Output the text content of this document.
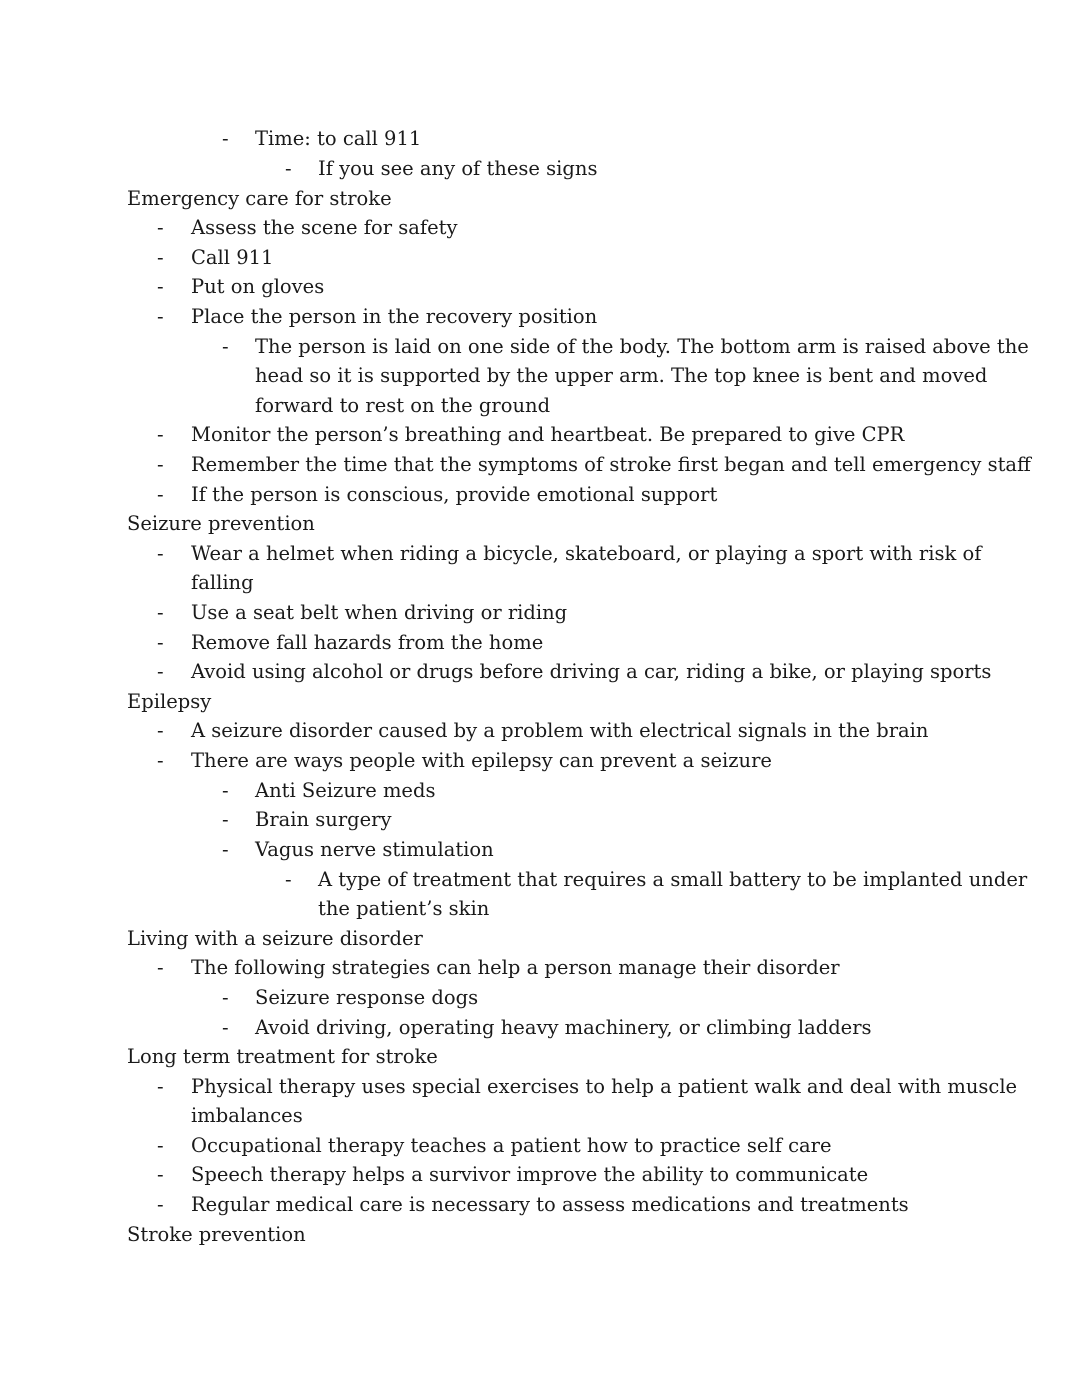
- Time: to call 911
- If you see any of these signs
Emergency care for stroke
- Assess the scene for safety
- Call 911
- Put on gloves
- Place the person in the recovery position
- The person is laid on one side of the body. The bottom arm is raised above the
head so it is supported by the upper arm. The top knee is bent and moved
forward to rest on the ground
- Monitor the person’s breathing and heartbeat. Be prepared to give CPR
- Remember the time that the symptoms of stroke first began and tell emergency staff
- If the person is conscious, provide emotional support
Seizure prevention
- Wear a helmet when riding a bicycle, skateboard, or playing a sport with risk of
falling
- Use a seat belt when driving or riding
- Remove fall hazards from the home
- Avoid using alcohol or drugs before driving a car, riding a bike, or playing sports
Epilepsy
- A seizure disorder caused by a problem with electrical signals in the brain
- There are ways people with epilepsy can prevent a seizure
- Anti Seizure meds
- Brain surgery
- Vagus nerve stimulation
- A type of treatment that requires a small battery to be implanted under
the patient’s skin
Living with a seizure disorder
- The following strategies can help a person manage their disorder
- Seizure response dogs
- Avoid driving, operating heavy machinery, or climbing ladders
Long term treatment for stroke
- Physical therapy uses special exercises to help a patient walk and deal with muscle
imbalances
- Occupational therapy teaches a patient how to practice self care
- Speech therapy helps a survivor improve the ability to communicate
- Regular medical care is necessary to assess medications and treatments
Stroke prevention
